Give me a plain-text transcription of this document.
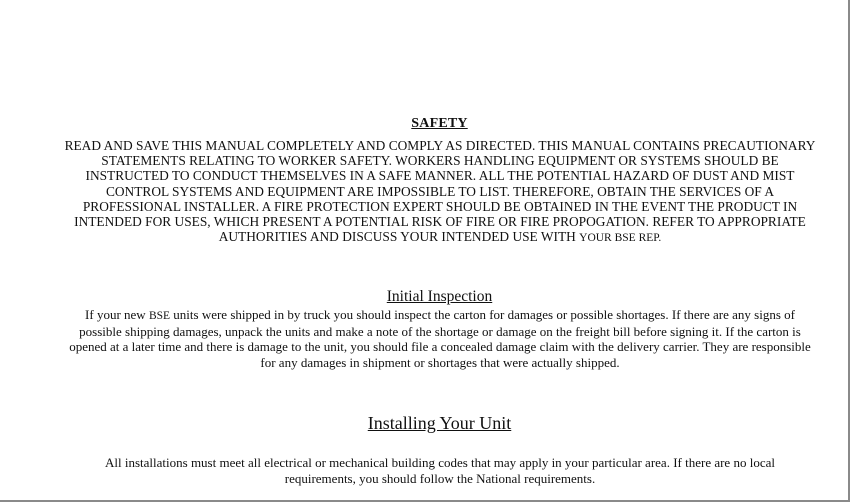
SAFETY
READ AND SAVE THIS MANUAL COMPLETELY AND COMPLY AS DIRECTED. THIS MANUAL CONTAINS PRECAUTIONARY STATEMENTS RELATING TO WORKER SAFETY. WORKERS HANDLING EQUIPMENT OR SYSTEMS SHOULD BE INSTRUCTED TO CONDUCT THEMSELVES IN A SAFE MANNER. ALL THE POTENTIAL HAZARD OF DUST AND MIST CONTROL SYSTEMS AND EQUIPMENT ARE IMPOSSIBLE TO LIST. THEREFORE, OBTAIN THE SERVICES OF A PROFESSIONAL INSTALLER. A FIRE PROTECTION EXPERT SHOULD BE OBTAINED IN THE EVENT THE PRODUCT IN INTENDED FOR USES, WHICH PRESENT A POTENTIAL RISK OF FIRE OR FIRE PROPOGATION. REFER TO APPROPRIATE AUTHORITIES AND DISCUSS YOUR INTENDED USE WITH YOUR BSE REP.
Initial Inspection
If your new BSE units were shipped in by truck you should inspect the carton for damages or possible shortages. If there are any signs of possible shipping damages, unpack the units and make a note of the shortage or damage on the freight bill before signing it. If the carton is opened at a later time and there is damage to the unit, you should file a concealed damage claim with the delivery carrier. They are responsible for any damages in shipment or shortages that were actually shipped.
Installing Your Unit
All installations must meet all electrical or mechanical building codes that may apply in your particular area. If there are no local requirements, you should follow the National requirements.
